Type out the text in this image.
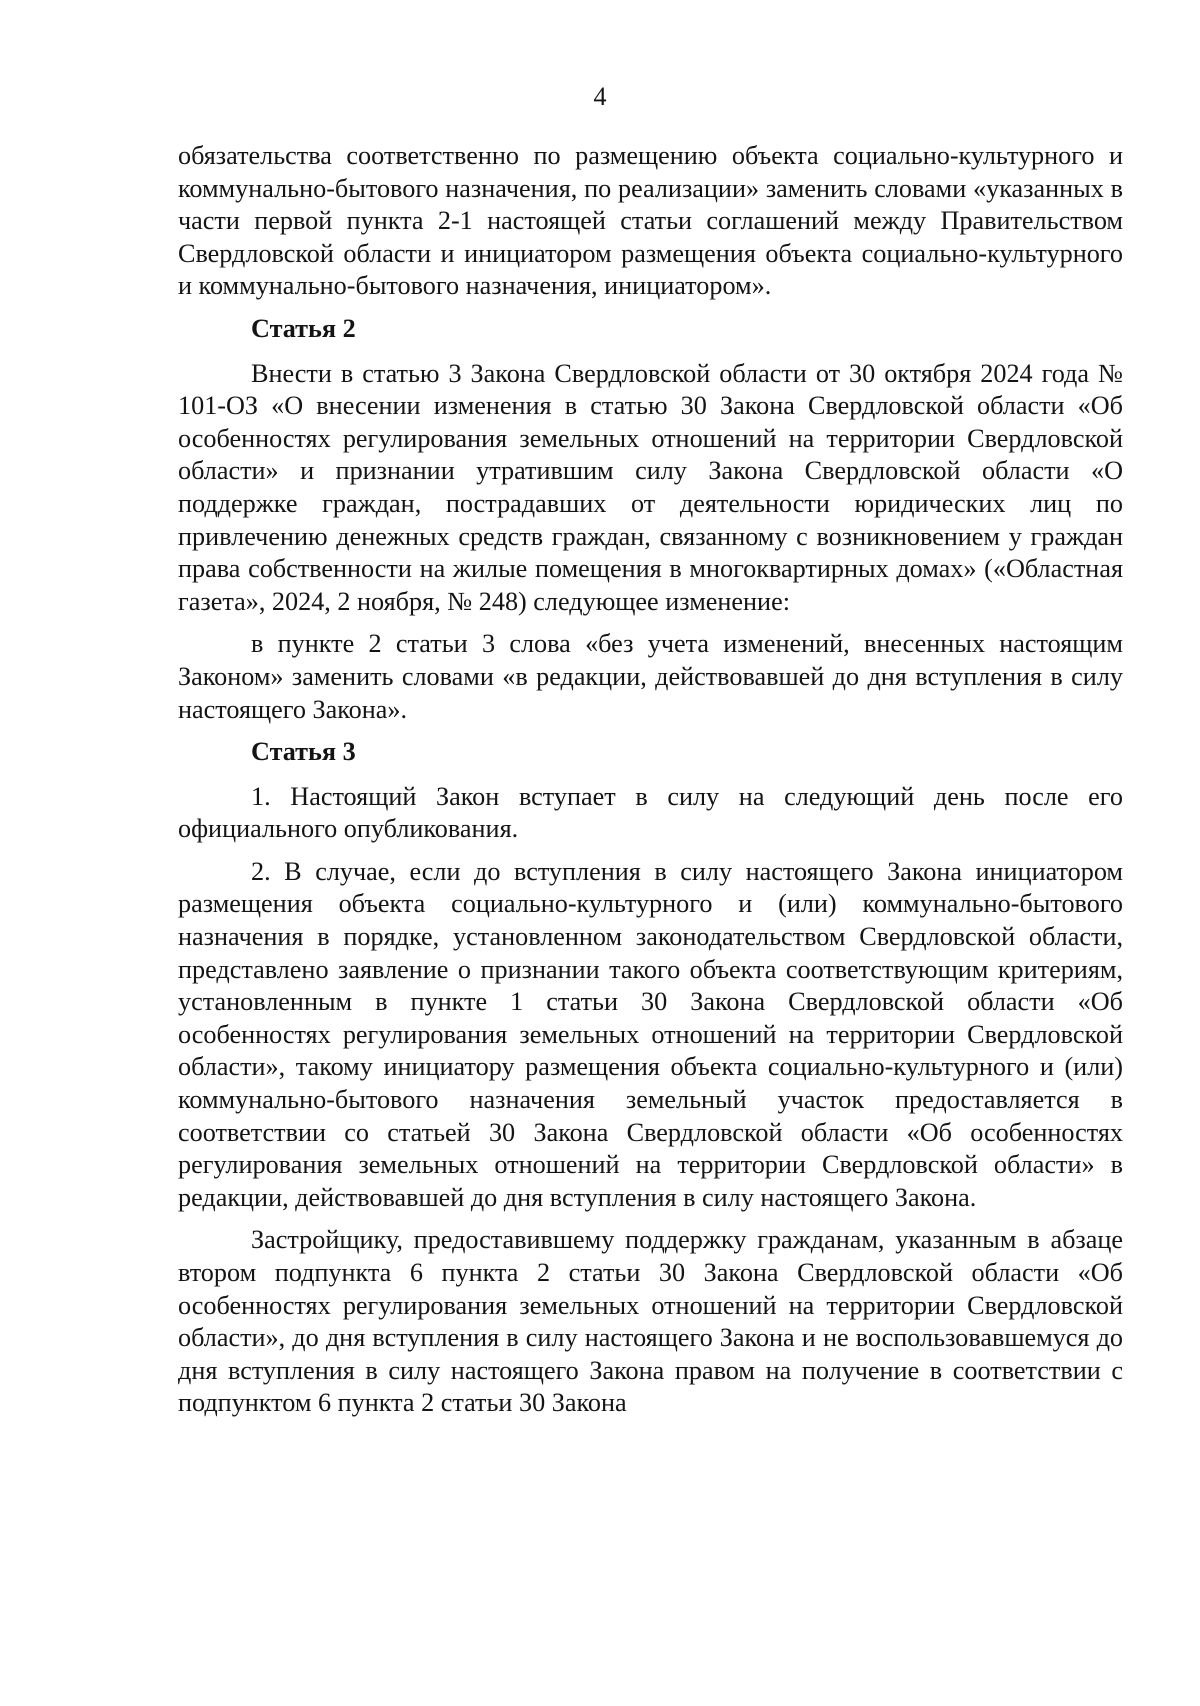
4

обязательства соответственно по размещению объекта социально-культурного и коммунально-бытового назначения, по реализации» заменить словами «указанных в части первой пункта 2-1 настоящей статьи соглашений между Правительством Свердловской области и инициатором размещения объекта социально-культурного и коммунально-бытового назначения, инициатором».

Статья 2

Внести в статью 3 Закона Свердловской области от 30 октября 2024 года № 101-ОЗ «О внесении изменения в статью 30 Закона Свердловской области «Об особенностях регулирования земельных отношений на территории Свердловской области» и признании утратившим силу Закона Свердловской области «О поддержке граждан, пострадавших от деятельности юридических лиц по привлечению денежных средств граждан, связанному с возникновением у граждан права собственности на жилые помещения в многоквартирных домах» («Областная газета», 2024, 2 ноября, № 248) следующее изменение:

в пункте 2 статьи 3 слова «без учета изменений, внесенных настоящим Законом» заменить словами «в редакции, действовавшей до дня вступления в силу настоящего Закона».

Статья 3

1. Настоящий Закон вступает в силу на следующий день после его официального опубликования.

2. В случае, если до вступления в силу настоящего Закона инициатором размещения объекта социально-культурного и (или) коммунально-бытового назначения в порядке, установленном законодательством Свердловской области, представлено заявление о признании такого объекта соответствующим критериям, установленным в пункте 1 статьи 30 Закона Свердловской области «Об особенностях регулирования земельных отношений на территории Свердловской области», такому инициатору размещения объекта социально-культурного и (или) коммунально-бытового назначения земельный участок предоставляется в соответствии со статьей 30 Закона Свердловской области «Об особенностях регулирования земельных отношений на территории Свердловской области» в редакции, действовавшей до дня вступления в силу настоящего Закона.

Застройщику, предоставившему поддержку гражданам, указанным в абзаце втором подпункта 6 пункта 2 статьи 30 Закона Свердловской области «Об особенностях регулирования земельных отношений на территории Свердловской области», до дня вступления в силу настоящего Закона и не воспользовавшемуся до дня вступления в силу настоящего Закона правом на получение в соответствии с подпунктом 6 пункта 2 статьи 30 Закона
